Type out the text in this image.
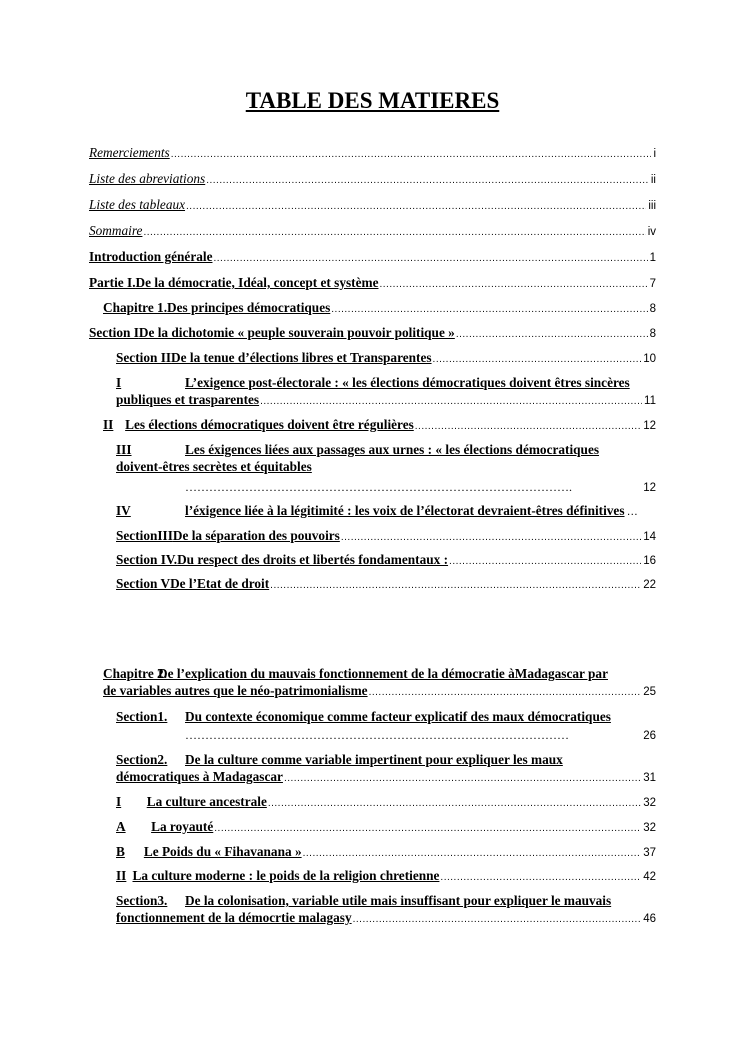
TABLE DES MATIERES
Remerciements .....	i
Liste des abreviations .....	ii
Liste des tableaux .....	iii
Sommaire .....	iv
Introduction générale .....	1
Partie I. De la démocratie, Idéal, concept et système .....	7
Chapitre 1. Des principes démocratiques .....	8
Section I De la dichotomie « peuple souverain pouvoir politique » .....	8
Section II De la tenue d’élections libres et Transparentes .....	10
I	L’exigence post-électorale : « les élections démocratiques doivent êtres sincères
publiques et trasparentes .....	11
II Les élections démocratiques doivent être régulières .....	12
III	Les éxigences liées aux passages aux urnes : « les élections démocratiques
doivent-êtres secrètes et équitables
…………………………………………………………………………………….	12
IV	l’éxigence liée à la légitimité : les voix de l’électorat devraient-êtres définitives …
SectionIII De la séparation des pouvoirs .....	14
Section IV. Du respect des droits et libertés fondamentaux : .....	16
Section V De l’Etat de droit .....	22
Chapitre 2.
De l’explication du mauvais fonctionnement de la démocratie àMadagascar par
de variables autres que le néo-patrimonialisme .....	25
Section1.	Du contexte économique comme facteur explicatif des maux démocratiques
……………………………………………………………………………………	26
Section2.	De la culture comme variable impertinent pour expliquer les maux
démocratiques à Madagascar .....	31
I	La culture ancestrale .....	32
A	La royauté .....	32
B	Le Poids du « Fihavanana » .....	37
II La culture moderne : le poids de la religion chretienne .....	42
Section3.	De la colonisation, variable utile mais insuffisant pour expliquer le mauvais
fonctionnement de la démocrtie malagasy .....	46
